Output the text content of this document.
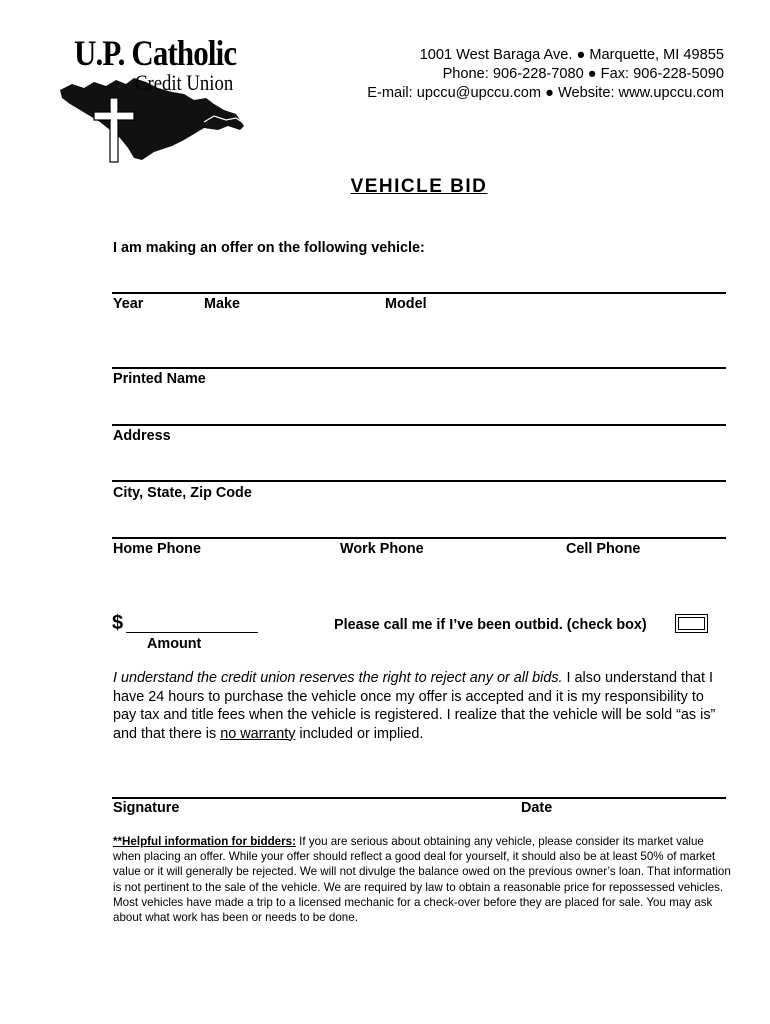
U.P. Catholic
Credit Union
1001 West Baraga Ave. ● Marquette, MI 49855
Phone: 906-228-7080 ● Fax: 906-228-5090
E-mail: upccu@upccu.com ● Website: www.upccu.com
VEHICLE BID
I am making an offer on the following vehicle:
Year	Make	Model
Printed Name
Address
City, State, Zip Code
Home Phone	Work Phone	Cell Phone
$
Amount
Please call me if I’ve been outbid. (check box)
I understand the credit union reserves the right to reject any or all bids. I also understand that I have 24 hours to purchase the vehicle once my offer is accepted and it is my responsibility to pay tax and title fees when the vehicle is registered. I realize that the vehicle will be sold “as is” and that there is no warranty included or implied.
Signature	Date
**Helpful information for bidders: If you are serious about obtaining any vehicle, please consider its market value when placing an offer. While your offer should reflect a good deal for yourself, it should also be at least 50% of market value or it will generally be rejected. We will not divulge the balance owed on the previous owner’s loan. That information is not pertinent to the sale of the vehicle. We are required by law to obtain a reasonable price for repossessed vehicles. Most vehicles have made a trip to a licensed mechanic for a check-over before they are placed for sale. You may ask about what work has been or needs to be done.
